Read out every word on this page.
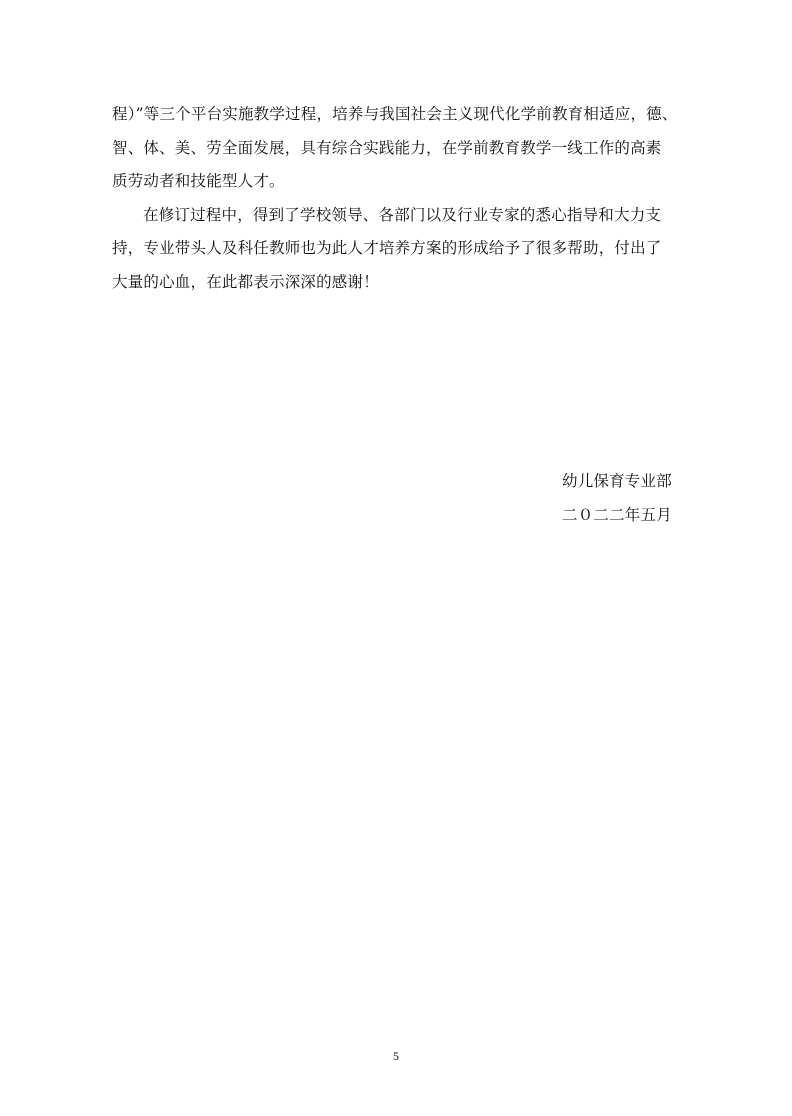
程）”等三个平台实施教学过程，培养与我国社会主义现代化学前教育相适应，德、
智、体、美、劳全面发展，具有综合实践能力，在学前教育教学一线工作的高素
质劳动者和技能型人才。
在修订过程中，得到了学校领导、各部门以及行业专家的悉心指导和大力支
持，专业带头人及科任教师也为此人才培养方案的形成给予了很多帮助，付出了
大量的心血，在此都表示深深的感谢！
幼儿保育专业部
二０二二年五月
5
